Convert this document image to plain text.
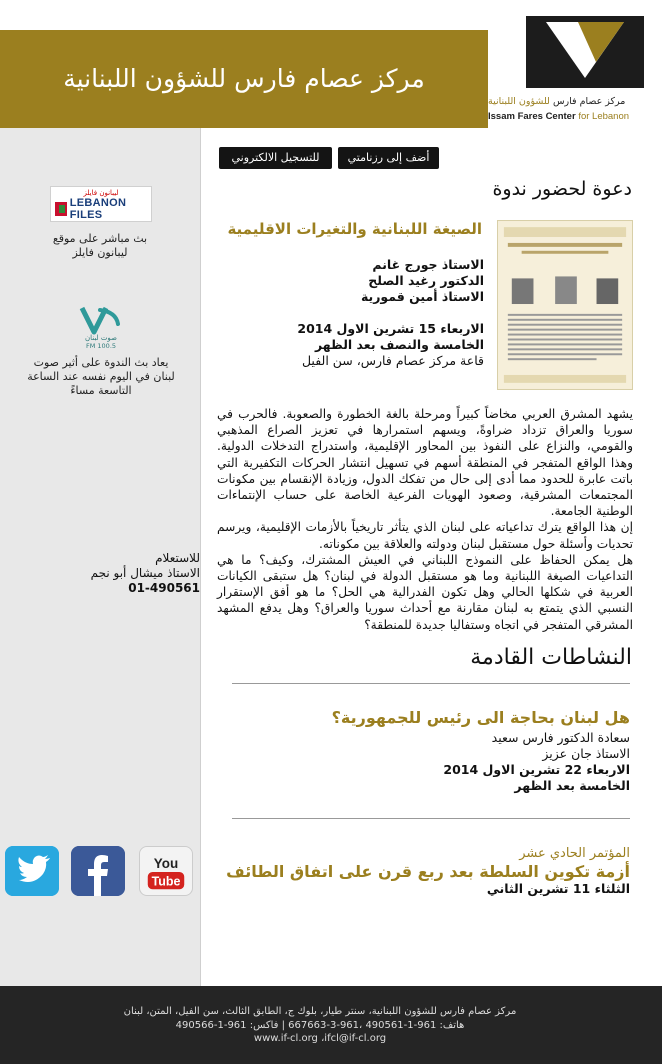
مركز عصام فارس للشؤون اللبنانية
مركز عصام فارس للشؤون اللبنانية
Issam Fares Center for Lebanon
ليبانون فايلز
LEBANON FILES
بث مباشر على موقع
ليبانون فايلز
صوت لبنان
100.5 FM
يعاد بث الندوة على أثير صوت
لبنان في اليوم نفسه عند الساعة
التاسعة مساءً
للاستعلام
الاستاذ ميشال أبو نجم
01-490561
You
Tube
للتسجيل الالكتروني	أضف إلى رزنامتي
دعوة لحضور ندوة
الصيغة اللبنانية والتغيرات الاقليمية
الاستاذ جورج غانم
الدكتور رغيد الصلح
الاستاذ أمين قمورية
الاربعاء 15 تشرين الاول 2014
الخامسة والنصف بعد الظهر
قاعة مركز عصام فارس، سن الفيل

يشهد المشرق العربي مخاضاً كبيراً ومرحلة بالغة الخطورة والصعوبة. فالحرب في سوريا والعراق تزداد ضراوةً، ويسهم استمرارها في تعزيز الصراع المذهبي والقومي، والنزاع على النفوذ بين المحاور الإقليمية، واستدراج التدخلات الدولية. وهذا الواقع المتفجر في المنطقة أسهم في تسهيل انتشار الحركات التكفيرية التي باتت عابرة للحدود مما أدى إلى حال من تفكك الدول، وزيادة الإنقسام بين مكونات المجتمعات المشرقية، وصعود الهويات الفرعية الخاصة على حساب الإنتماءات الوطنية الجامعة.

إن هذا الواقع يترك تداعياته على لبنان الذي يتأثر تاريخياً بالأزمات الإقليمية، ويرسم تحديات وأسئلة حول مستقبل لبنان ودولته والعلاقة بين مكوناته.

هل يمكن الحفاظ على النموذج اللبناني في العيش المشترك، وكيف؟ ما هي التداعيات الصيغة اللبنانية وما هو مستقبل الدولة في لبنان؟ هل ستبقى الكيانات العربية في شكلها الحالي وهل تكون الفدرالية هي الحل؟ ما هو أفق الإستقرار النسبي الذي يتمتع به لبنان مقارنة مع أحداث سوريا والعراق؟ وهل يدفع المشهد المشرقي المتفجر في اتجاه وستفاليا جديدة للمنطقة؟

النشاطات القادمة
هل لبنان بحاجة الى رئيس للجمهورية؟
سعادة الدكتور فارس سعيد
الاستاذ جان عزيز
الاربعاء 22 تشرين الاول 2014
الخامسة بعد الظهر
المؤتمر الحادي عشر
أزمة تكوين السلطة بعد ربع قرن على اتفاق الطائف
الثلثاء 11 تشرين الثاني
مركز عصام فارس للشؤون اللبنانية، سنتر طيار، بلوك ج، الطابق الثالث، سن الفيل، المتن، لبنان
هاتف: 961-1-490561 ،961-3-667663 | فاكس: 961-1-490566
www.if-cl.org ،ifcl@if-cl.org
